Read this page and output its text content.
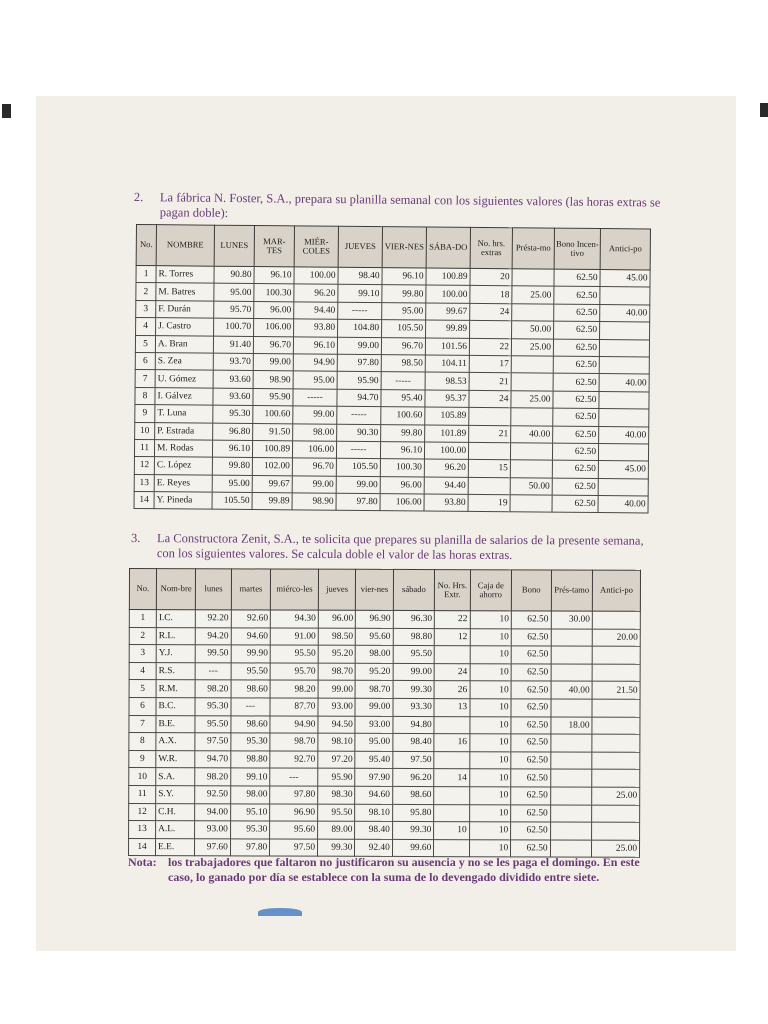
2. La fábrica N. Foster, S.A., prepara su planilla semanal con los siguientes valores (las horas extras se pagan doble):
No.	NOMBRE	LUNES	MAR-TES	MIÉR-COLES	JUEVES	VIER-NES	SÁBA-DO	No. hrs. extras	Présta-mo	Bono Incen-tivo	Antici-po
1	R. Torres	90.80	96.10	100.00	98.40	96.10	100.89	20		62.50	45.00
2	M. Batres	95.00	100.30	96.20	99.10	99.80	100.00	18	25.00	62.50	
3	F. Durán	95.70	96.00	94.40	-----	95.00	99.67	24		62.50	40.00
4	J. Castro	100.70	106.00	93.80	104.80	105.50	99.89		50.00	62.50	
5	A. Bran	91.40	96.70	96.10	99.00	96.70	101.56	22	25.00	62.50	
6	S. Zea	93.70	99.00	94.90	97.80	98.50	104.11	17		62.50	
7	U. Gómez	93.60	98.90	95.00	95.90	-----	98.53	21		62.50	40.00
8	I. Gálvez	93.60	95.90	-----	94.70	95.40	95.37	24	25.00	62.50	
9	T. Luna	95.30	100.60	99.00	-----	100.60	105.89			62.50	
10	P. Estrada	96.80	91.50	98.00	90.30	99.80	101.89	21	40.00	62.50	40.00
11	M. Rodas	96.10	100.89	106.00	-----	96.10	100.00			62.50	
12	C. López	99.80	102.00	96.70	105.50	100.30	96.20	15		62.50	45.00
13	E. Reyes	95.00	99.67	99.00	99.00	96.00	94.40		50.00	62.50	
14	Y. Pineda	105.50	99.89	98.90	97.80	106.00	93.80	19		62.50	40.00
3. La Constructora Zenit, S.A., te solicita que prepares su planilla de salarios de la presente semana, con los siguientes valores. Se calcula doble el valor de las horas extras.
No.	Nom-bre	lunes	martes	miérco-les	jueves	vier-nes	sábado	No. Hrs. Extr.	Caja de ahorro	Bono	Prés-tamo	Antici-po
1	I.C.	92.20	92.60	94.30	96.00	96.90	96.30	22	10	62.50	30.00	
2	R.L.	94.20	94.60	91.00	98.50	95.60	98.80	12	10	62.50		20.00
3	Y.J.	99.50	99.90	95.50	95.20	98.00	95.50		10	62.50		
4	R.S.	---	95.50	95.70	98.70	95.20	99.00	24	10	62.50		
5	R.M.	98.20	98.60	98.20	99.00	98.70	99.30	26	10	62.50	40.00	21.50
6	B.C.	95.30	---	87.70	93.00	99.00	93.30	13	10	62.50		
7	B.E.	95.50	98.60	94.90	94.50	93.00	94.80		10	62.50	18.00	
8	A.X.	97.50	95.30	98.70	98.10	95.00	98.40	16	10	62.50		
9	W.R.	94.70	98.80	92.70	97.20	95.40	97.50		10	62.50		
10	S.A.	98.20	99.10	---	95.90	97.90	96.20	14	10	62.50		
11	S.Y.	92.50	98.00	97.80	98.30	94.60	98.60		10	62.50		25.00
12	C.H.	94.00	95.10	96.90	95.50	98.10	95.80		10	62.50		
13	A.L.	93.00	95.30	95.60	89.00	98.40	99.30	10	10	62.50		
14	E.E.	97.60	97.80	97.50	99.30	92.40	99.60		10	62.50		25.00
Nota: los trabajadores que faltaron no justificaron su ausencia y no se les paga el domingo. En este caso, lo ganado por día se establece con la suma de lo devengado dividido entre siete.
